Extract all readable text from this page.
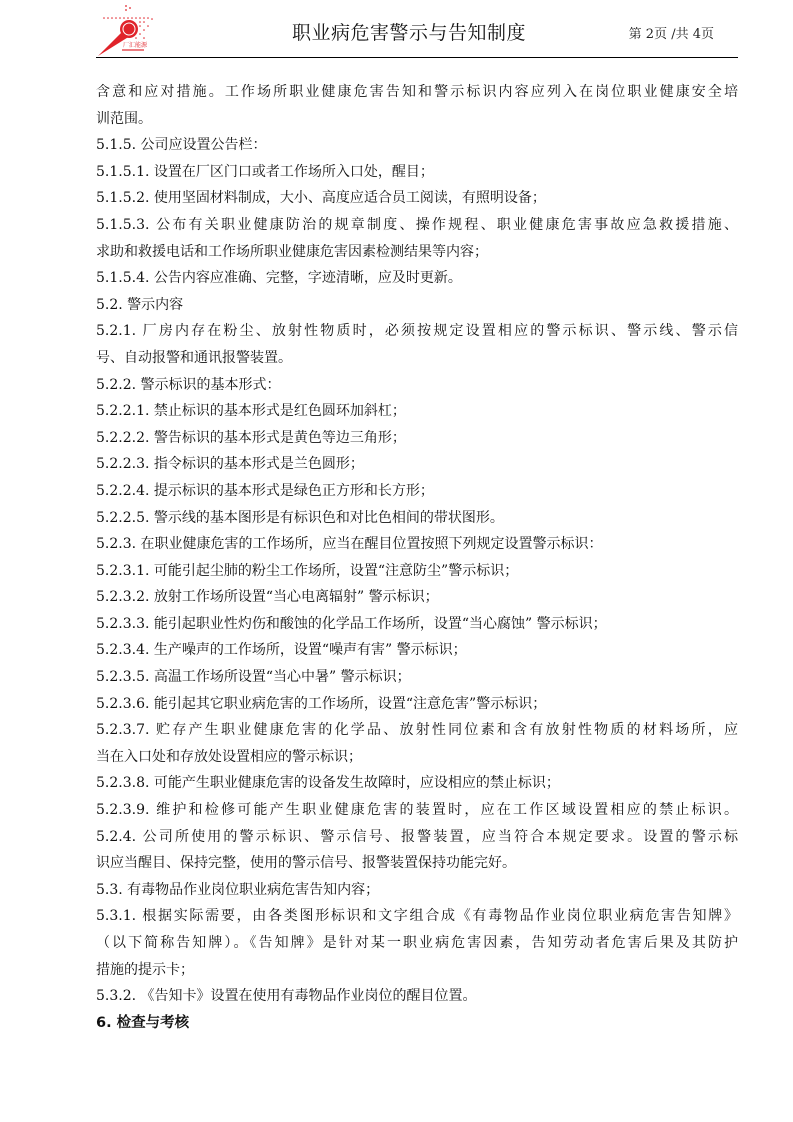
厂汇能源
职业病危害警示与告知制度	第 2页 /共 4页
含意和应对措施。工作场所职业健康危害告知和警示标识内容应列入在岗位职业健康安全培
训范围。
5.1.5. 公司应设置公告栏：
5.1.5.1. 设置在厂区门口或者工作场所入口处，醒目；
5.1.5.2. 使用坚固材料制成，大小、高度应适合员工阅读，有照明设备；
5.1.5.3. 公布有关职业健康防治的规章制度、操作规程、职业健康危害事故应急救援措施、
求助和救援电话和工作场所职业健康危害因素检测结果等内容；
5.1.5.4. 公告内容应准确、完整，字迹清晰，应及时更新。
5.2. 警示内容
5.2.1. 厂房内存在粉尘、放射性物质时，必须按规定设置相应的警示标识、警示线、警示信
号、自动报警和通讯报警装置。
5.2.2. 警示标识的基本形式：
5.2.2.1. 禁止标识的基本形式是红色圆环加斜杠；
5.2.2.2. 警告标识的基本形式是黄色等边三角形；
5.2.2.3. 指令标识的基本形式是兰色圆形；
5.2.2.4. 提示标识的基本形式是绿色正方形和长方形；
5.2.2.5. 警示线的基本图形是有标识色和对比色相间的带状图形。
5.2.3. 在职业健康危害的工作场所，应当在醒目位置按照下列规定设置警示标识：
5.2.3.1. 可能引起尘肺的粉尘工作场所，设置“注意防尘”警示标识；
5.2.3.2. 放射工作场所设置“当心电离辐射” 警示标识；
5.2.3.3. 能引起职业性灼伤和酸蚀的化学品工作场所，设置“当心腐蚀” 警示标识；
5.2.3.4. 生产噪声的工作场所，设置“噪声有害” 警示标识；
5.2.3.5. 高温工作场所设置“当心中暑” 警示标识；
5.2.3.6. 能引起其它职业病危害的工作场所，设置“注意危害”警示标识；
5.2.3.7. 贮存产生职业健康危害的化学品、放射性同位素和含有放射性物质的材料场所，应
当在入口处和存放处设置相应的警示标识；
5.2.3.8. 可能产生职业健康危害的设备发生故障时，应设相应的禁止标识；
5.2.3.9. 维护和检修可能产生职业健康危害的装置时，应在工作区域设置相应的禁止标识。
5.2.4. 公司所使用的警示标识、警示信号、报警装置，应当符合本规定要求。设置的警示标
识应当醒目、保持完整，使用的警示信号、报警装置保持功能完好。
5.3. 有毒物品作业岗位职业病危害告知内容；
5.3.1. 根据实际需要，由各类图形标识和文字组合成《有毒物品作业岗位职业病危害告知牌》
（以下简称告知牌）。《告知牌》是针对某一职业病危害因素，告知劳动者危害后果及其防护
措施的提示卡；
5.3.2. 《告知卡》设置在使用有毒物品作业岗位的醒目位置。
6. 检查与考核
